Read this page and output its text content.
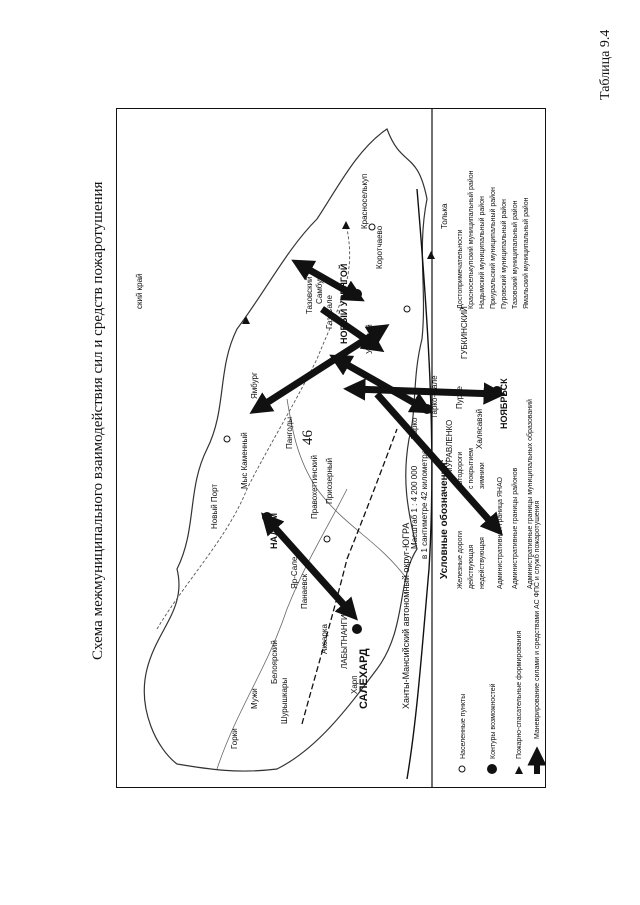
46
Таблица 9.4
Схема межмуниципального взаимодействия сил и средств пожаротушения	ский край
Ханты-Мансийский автономный округ-ЮГРА
САЛЕХАРД
НАДЫМ
НОВЫЙ УРЕНГОЙ
НОЯБРЬСК
Тарко-Сале
ГУБКИНСКИЙ
МУРАВЛЕНКО
ЛАБЫТНАНГИ
Красноселькуп
Аксарка
Яр-Сале
Новый Порт
Мыс Каменный	Пангоды
Ямбург
Тазовский Газ-Сале
Самбург
Уренгой
Коротчаево
Пурпе
Правохеттинский Приозерный
Халясавэй
Толька
Мужи	Шурышкары
Горки
Харп
Белоярский
Панаевск
Тарко
Масштаб 1 : 4 200 000 в 1 сантиметре 42 километра Условные обозначения:
Населенные пункты	Контуры возможностей	Пожарно-спасательные формирования Маневрирование силами и средствами АС ФПС и служб пожаротушения
Железные дороги действующая недействующая Административная граница ЯНАО Административные границы районов Административные границы муниципальных образований
Автодороги с покрытием зимники
Достопримечательности Красноселькупский муниципальный район Надымский муниципальный район Приуральский муниципальный район Пуровский муниципальный район Тазовский муниципальный район Ямальский муниципальный район
